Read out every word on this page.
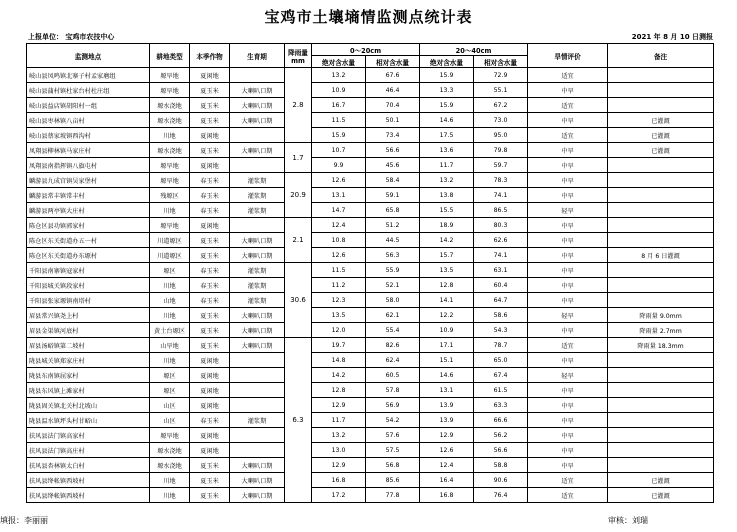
宝鸡市土壤墒情监测点统计表
上报单位： 宝鸡市农技中心	2021 年 8 月 10 日测报
监测地点	耕地类型	本季作物	生育期	降雨量
mm	0～20cm		20～40cm		旱情评价	备注
					绝对含水量	相对含水量	绝对含水量	相对含水量		
岐山县凤鸣镇北寨子村孟家磨组	塬旱地	夏闲地		2.8	13.2	67.6	15.9	72.9	适宜	
岐山县蒲村镇杜家台村杜庄组	塬旱地	夏玉米	大喇叭口期		10.9	46.4	13.3	55.1	中旱	
岐山县益店镇胡阳村一组	塬水浇地	夏玉米	大喇叭口期		16.7	70.4	15.9	67.2	适宜	
岐山县枣林镇八亩村	塬水浇地	夏玉米	大喇叭口期		11.5	50.1	14.6	73.0	中旱	已灌溉
岐山县蔡家坡镇西沟村	川地	夏闲地			15.9	73.4	17.5	95.0	适宜	已灌溉
凤翔县柳林镇马家庄村	塬水浇地	夏玉米	大喇叭口期	1.7	10.7	56.6	13.6	79.8	中旱	已灌溉
凤翔县南指挥镇八旗屯村	塬旱地	夏闲地			9.9	45.6	11.7	59.7	中旱	
麟游县九成宫镇吴家堡村	塬旱地	春玉米	灌浆期	20.9	12.6	58.4	13.2	78.3	中旱	
麟游县常丰镇常丰村	残塬区	春玉米	灌浆期		13.1	59.1	13.8	74.1	中旱	
麟游县两亭镇大庄村	川地	春玉米	灌浆期		14.7	65.8	15.5	86.5	轻旱	
陈仓区县功镇郭家村	塬旱地	夏闲地		2.1	12.4	51.2	18.9	80.3	中旱	
陈仓区东关街道办五一村	川道塬区	夏玉米	大喇叭口期		10.8	44.5	14.2	62.6	中旱	
陈仓区东关街道办东塬村	川道塬区	夏玉米	大喇叭口期		12.6	56.3	15.7	74.1	中旱	8 月 6 日灌溉
千阳县南寨镇寇家村	塬区	春玉米	灌浆期	30.6	11.5	55.9	13.5	63.1	中旱	
千阳县城关镇段家村	川地	春玉米	灌浆期		11.2	52.1	12.8	60.4	中旱	
千阳县张家塬镇南塔村	山地	春玉米	灌浆期		12.3	58.0	14.1	64.7	中旱	
眉县常兴镇尧上村	川地	夏玉米	大喇叭口期		13.5	62.1	12.2	58.6	轻旱	降雨量 9.0mm
眉县金渠镇河底村	黄土台塬区	夏玉米	大喇叭口期		12.0	55.4	10.9	54.3	中旱	降雨量 2.7mm
眉县汤峪镇第二坡村	山旱地	夏玉米	大喇叭口期	6.3	19.7	82.6	17.1	78.7	适宜	降雨量 18.3mm
陇县城关镇郑家庄村	川地	夏闲地			14.8	62.4	15.1	65.0	中旱	
陇县东南镇屈家村	塬区	夏闲地			14.2	60.5	14.6	67.4	轻旱	
陇县东风镇上滩家村	塬区	夏闲地			12.8	57.8	13.1	61.5	中旱	
陇县固关镇北关村北坡山	山区	夏闲地			12.9	56.9	13.9	63.3	中旱	
陇县温水镇坪头村甘峪山	山区	春玉米	灌浆期		11.7	54.2	13.9	66.6	中旱	
扶风县法门镇高家村	塬旱地	夏闲地			13.2	57.6	12.9	56.2	中旱	
扶风县法门镇高庄村	塬水浇地	夏闲地			13.0	57.5	12.6	56.6	中旱	
扶风县杏林镇太白村	塬水浇地	夏玉米	大喇叭口期		12.9	56.8	12.4	58.8	中旱	
扶风县绛帐镇西坡村	川地	夏玉米	大喇叭口期		16.8	85.6	16.4	90.6	适宜	已灌溉
扶风县绛帐镇西坡村	川地	夏玉米	大喇叭口期		17.2	77.8	16.8	76.4	适宜	已灌溉
填报：李丽丽	审核：刘瑞
